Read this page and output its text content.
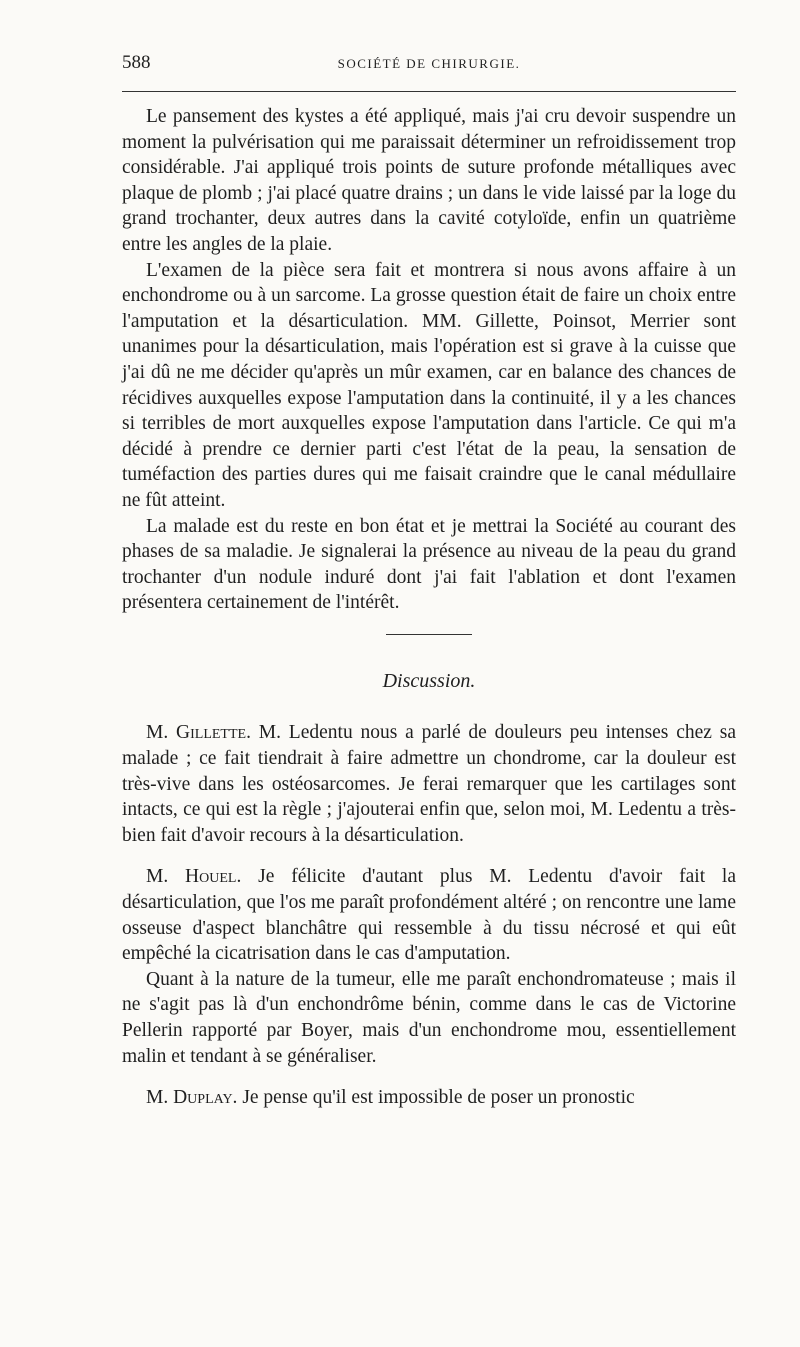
588	SOCIÉTÉ DE CHIRURGIE.

Le pansement des kystes a été appliqué, mais j'ai cru devoir suspendre un moment la pulvérisation qui me paraissait déterminer un refroidissement trop considérable. J'ai appliqué trois points de suture profonde métalliques avec plaque de plomb ; j'ai placé quatre drains ; un dans le vide laissé par la loge du grand trochanter, deux autres dans la cavité cotyloïde, enfin un quatrième entre les angles de la plaie.

L'examen de la pièce sera fait et montrera si nous avons affaire à un enchondrome ou à un sarcome. La grosse question était de faire un choix entre l'amputation et la désarticulation. MM. Gillette, Poinsot, Merrier sont unanimes pour la désarticulation, mais l'opération est si grave à la cuisse que j'ai dû ne me décider qu'après un mûr examen, car en balance des chances de récidives auxquelles expose l'amputation dans la continuité, il y a les chances si terribles de mort auxquelles expose l'amputation dans l'article. Ce qui m'a décidé à prendre ce dernier parti c'est l'état de la peau, la sensation de tuméfaction des parties dures qui me faisait craindre que le canal médullaire ne fût atteint.

La malade est du reste en bon état et je mettrai la Société au courant des phases de sa maladie. Je signalerai la présence au niveau de la peau du grand trochanter d'un nodule induré dont j'ai fait l'ablation et dont l'examen présentera certainement de l'intérêt.

Discussion.

M. Gillette. M. Ledentu nous a parlé de douleurs peu intenses chez sa malade ; ce fait tiendrait à faire admettre un chondrome, car la douleur est très-vive dans les ostéosarcomes. Je ferai remarquer que les cartilages sont intacts, ce qui est la règle ; j'ajouterai enfin que, selon moi, M. Ledentu a très-bien fait d'avoir recours à la désarticulation.

M. Houel. Je félicite d'autant plus M. Ledentu d'avoir fait la désarticulation, que l'os me paraît profondément altéré ; on rencontre une lame osseuse d'aspect blanchâtre qui ressemble à du tissu nécrosé et qui eût empêché la cicatrisation dans le cas d'amputation.

Quant à la nature de la tumeur, elle me paraît enchondromateuse ; mais il ne s'agit pas là d'un enchondrôme bénin, comme dans le cas de Victorine Pellerin rapporté par Boyer, mais d'un enchondrome mou, essentiellement malin et tendant à se généraliser.

M. Duplay. Je pense qu'il est impossible de poser un pronostic
